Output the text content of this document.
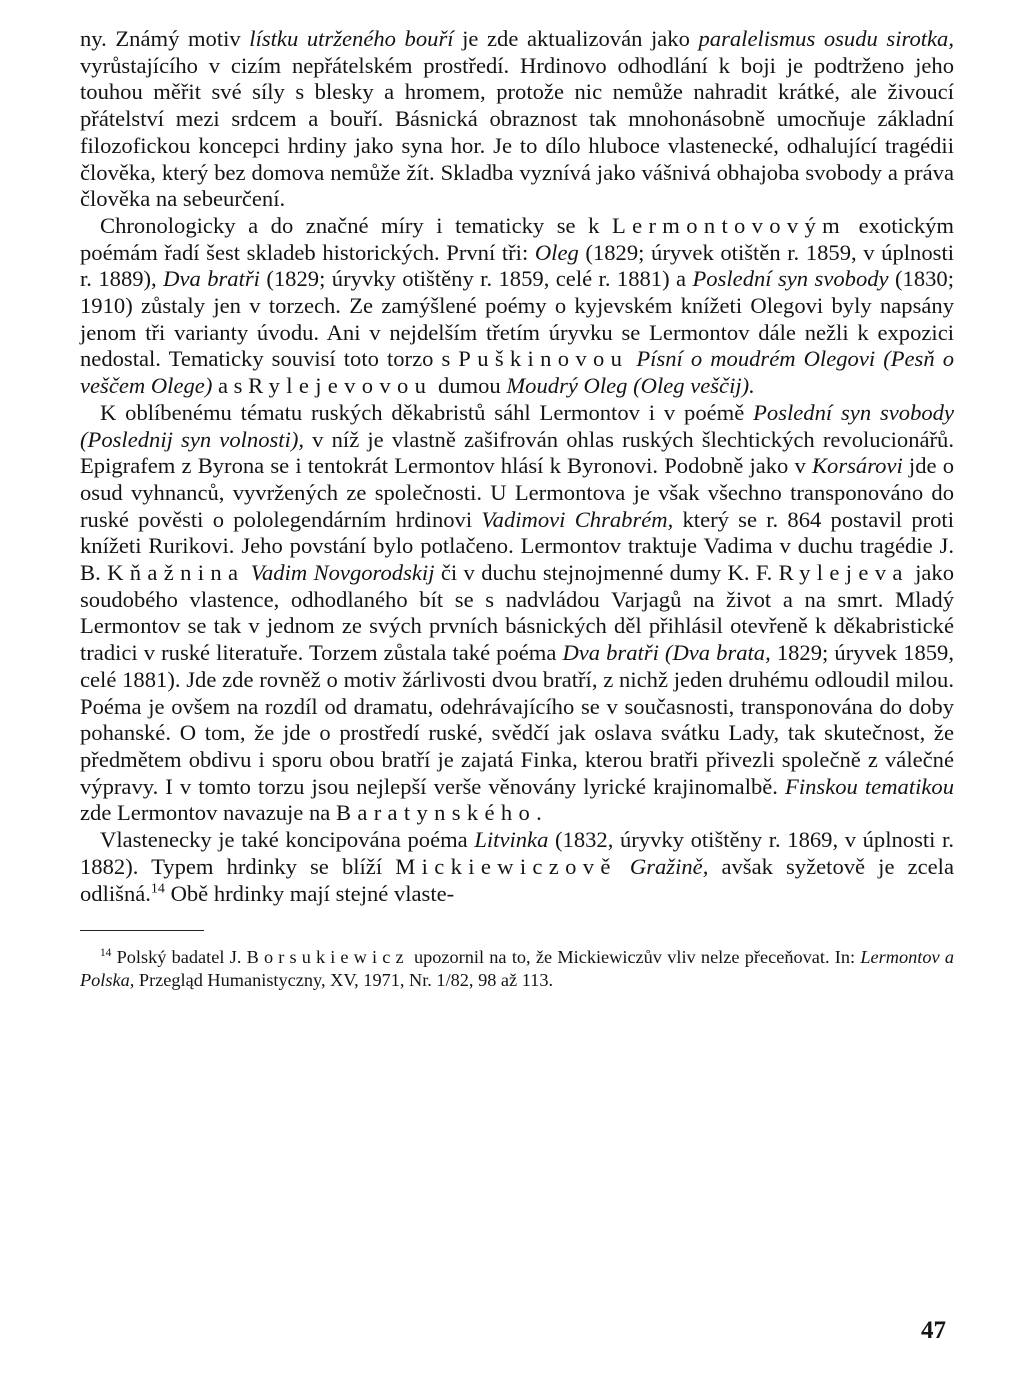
ny. Známý motiv lístku utrženého bouří je zde aktualizován jako paralelismus osudu sirotka, vyrůstajícího v cizím nepřátelském prostředí. Hrdinovo odhodlání k boji je podtrženo jeho touhou měřit své síly s blesky a hromem, protože nic nemůže nahradit krátké, ale živoucí přátelství mezi srdcem a bouří. Básnická obraznost tak mnohonásobně umocňuje základní filozofickou koncepci hrdiny jako syna hor. Je to dílo hluboce vlastenecké, odhalující tragédii člověka, který bez domova nemůže žít. Skladba vyznívá jako vášnivá obhajoba svobody a práva člověka na sebeurčení.
Chronologicky a do značné míry i tematicky se k Lermontovovým exotickým poémám řadí šest skladeb historických. První tři: Oleg (1829; úryvek otištěn r. 1859, v úplnosti r. 1889), Dva bratři (1829; úryvky otištěny r. 1859, celé r. 1881) a Poslední syn svobody (1830; 1910) zůstaly jen v torzech. Ze zamýšlené poémy o kyjevském knížeti Olegovi byly napsány jenom tři varianty úvodu. Ani v nejdelším třetím úryvku se Lermontov dále nežli k expozici nedostal. Tematicky souvisí toto torzo s Puškinovou Písní o moudrém Olegovi (Pesň o veščem Olege) a s Rylejevovou dumou Moudrý Oleg (Oleg veščij).
K oblíbenému tématu ruských děkabristů sáhl Lermontov i v poémě Poslední syn svobody (Poslednij syn volnosti), v níž je vlastně zašifrován ohlas ruských šlechtických revolucionářů. Epigrafem z Byrona se i tentokrát Lermontov hlásí k Byronovi. Podobně jako v Korsárovi jde o osud vyhnanců, vyvržených ze společnosti. U Lermontova je však všechno transponováno do ruské pověsti o pololegendárním hrdinovi Vadimovi Chrabrém, který se r. 864 postavil proti knížeti Rurikovi. Jeho povstání bylo potlačeno. Lermontov traktuje Vadima v duchu tragédie J. B. Kňažnina Vadim Novgorodskij či v duchu stejnojmenné dumy K. F. Rylejeva jako soudobého vlastence, odhodlaného bít se s nadvládou Varjagů na život a na smrt. Mladý Lermontov se tak v jednom ze svých prvních básnických děl přihlásil otevřeně k děkabristické tradici v ruské literatuře. Torzem zůstala také poéma Dva bratři (Dva brata, 1829; úryvek 1859, celé 1881). Jde zde rovněž o motiv žárlivosti dvou bratří, z nichž jeden druhému odloudil milou. Poéma je ovšem na rozdíl od dramatu, odehrávajícího se v současnosti, transponována do doby pohanské. O tom, že jde o prostředí ruské, svědčí jak oslava svátku Lady, tak skutečnost, že předmětem obdivu i sporu obou bratří je zajatá Finka, kterou bratři přivezli společně z válečné výpravy. I v tomto torzu jsou nejlepší verše věnovány lyrické krajinomalbě. Finskou tematikou zde Lermontov navazuje na Baratynského.
Vlastenecky je také koncipována poéma Litvinka (1832, úryvky otištěny r. 1869, v úplnosti r. 1882). Typem hrdinky se blíží Mickiewiczově Gražině, avšak syžetově je zcela odlišná.$^{14}$ Obě hrdinky mají stejné vlaste-
$^{14}$ Polský badatel J. Borsukiewicz upozornil na to, že Mickiewiczův vliv nelze přeceňovat. In: Lermontov a Polska, Przegląd Humanistyczny, XV, 1971, Nr. 1/82, 98 až 113.
47
